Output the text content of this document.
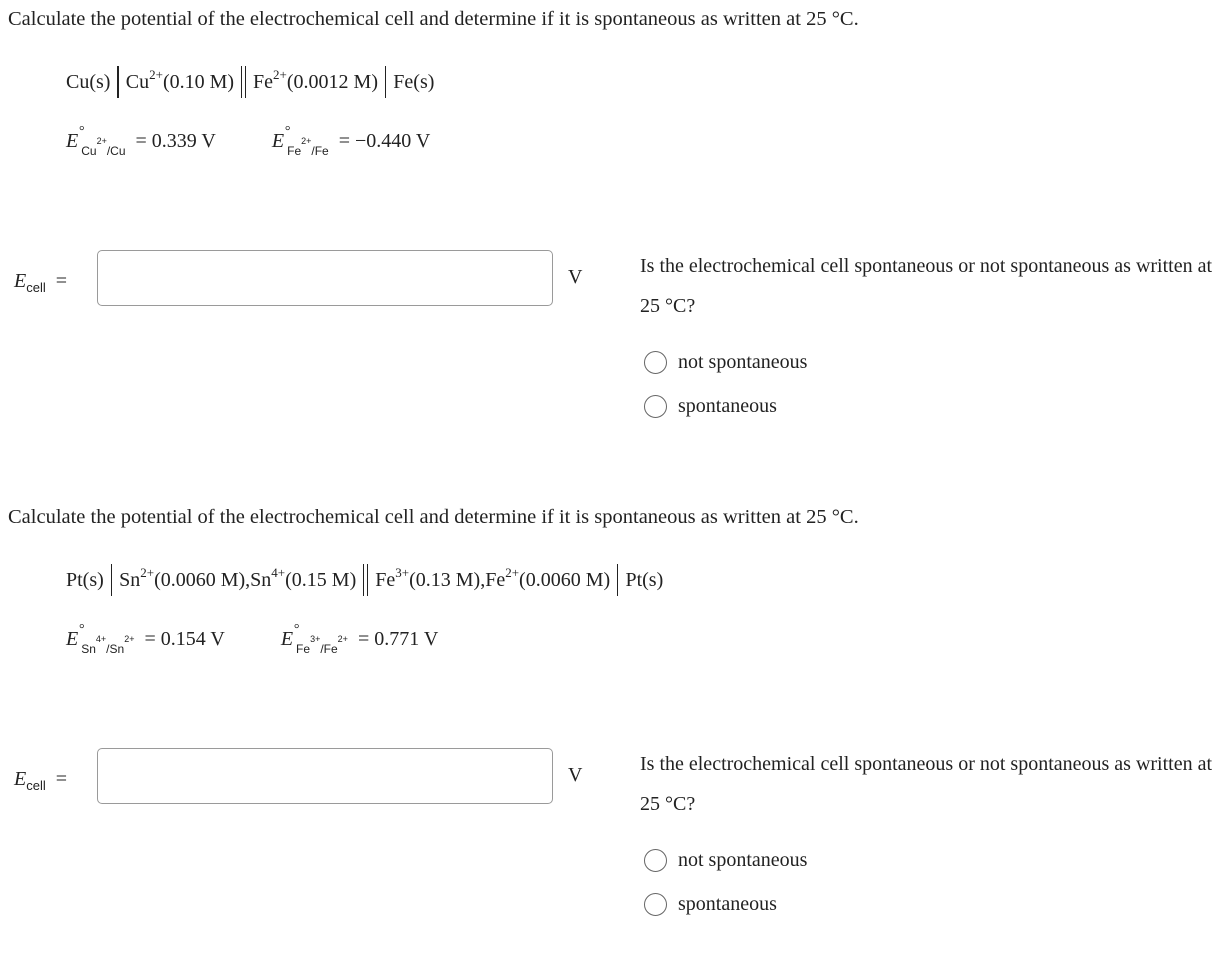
Calculate the potential of the electrochemical cell and determine if it is spontaneous as written at 25 °C.
Cu(s) $Cu^{2+}(0.10$ M) $Fe^{2+}(0.0012$ M) Fe(s)
E °
$_{Cu^{2+}/Cu}$ = 0.339 V	E °
$_{Fe^{2+}/Fe}$ = −0.440 V
$E_{cell}$ =	V	Is the electrochemical cell spontaneous or not spontaneous as written at 25 °C?
not spontaneous
spontaneous
Calculate the potential of the electrochemical cell and determine if it is spontaneous as written at 25 °C.
Pt(s) $Sn^{2+}(0.0060$ M), $Sn^{4+}(0.15$ M) $Fe^{3+}(0.13$ M), $Fe^{2+}(0.0060$ M) Pt(s)
E °
$_{Sn^{4+}/Sn^{2+}}$ = 0.154 V	E °
$_{Fe^{3+}/Fe^{2+}}$ = 0.771 V
$E_{cell}$ =	V	Is the electrochemical cell spontaneous or not spontaneous as written at 25 °C?
not spontaneous
spontaneous
